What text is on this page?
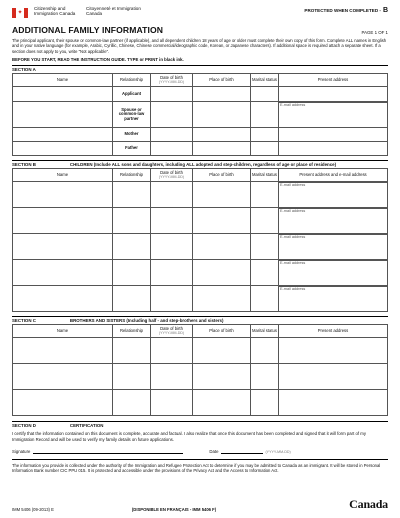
✦
Citizenship and Immigration Canada
Citoyenneté et Immigration Canada
PROTECTED WHEN COMPLETED - B
ADDITIONAL FAMILY INFORMATION	PAGE 1 OF 1
The principal applicant, their spouse or common-law partner (if applicable), and all dependent children 18 years of age or older must complete their own copy of this form. Complete ALL names in English and in your native language (for example, Arabic, Cyrillic, Chinese, Chinese commercial/ideographic code, Korean, or Japanese characters). If additional space is required attach a separate sheet. If a section does not apply to you, write "Not applicable".
BEFORE YOU START, READ THE INSTRUCTION GUIDE. TYPE or PRINT in black ink.
SECTION A
Name	Relationship	Date of birth
(YYYY-MM-DD)	Place of birth	Marital status	Present address
	Applicant				
	Spouse or common-law partner				E-mail address

	Mother				
	Father				
SECTION B	CHILDREN (Include ALL sons and daughters, including ALL adopted and step-children, regardless of age or place of residence)
Name	Relationship	Date of birth
(YYYY-MM-DD)	Place of birth	Marital status	Present address and e-mail address

					E-mail address

					E-mail address

					E-mail address

					E-mail address

					E-mail address
SECTION C	BROTHERS AND SISTERS (Including half - and step-brothers and sisters)
Name	Relationship	Date of birth
(YYYY-MM-DD)	Place of birth	Marital status	Present address

SECTION D	CERTIFICATION
I certify that the information contained on this document is complete, accurate and factual. I also realize that once this document has been completed and signed that it will form part of my Immigration Record and will be used to verify my family details on future applications.
Signature	Date	(YYYY-MM-DD)
The information you provide is collected under the authority of the Immigration and Refugee Protection Act to determine if you may be admitted to Canada as an immigrant. It will be stored in Personal Information Bank number CIC PPU 015. It is protected and accessible under the provisions of the Privacy Act and the Access to Information Act.
IMM 5406 (09-2013) E	(DISPONIBLE EN FRANÇAIS - IMM 5406 F)	Canada
